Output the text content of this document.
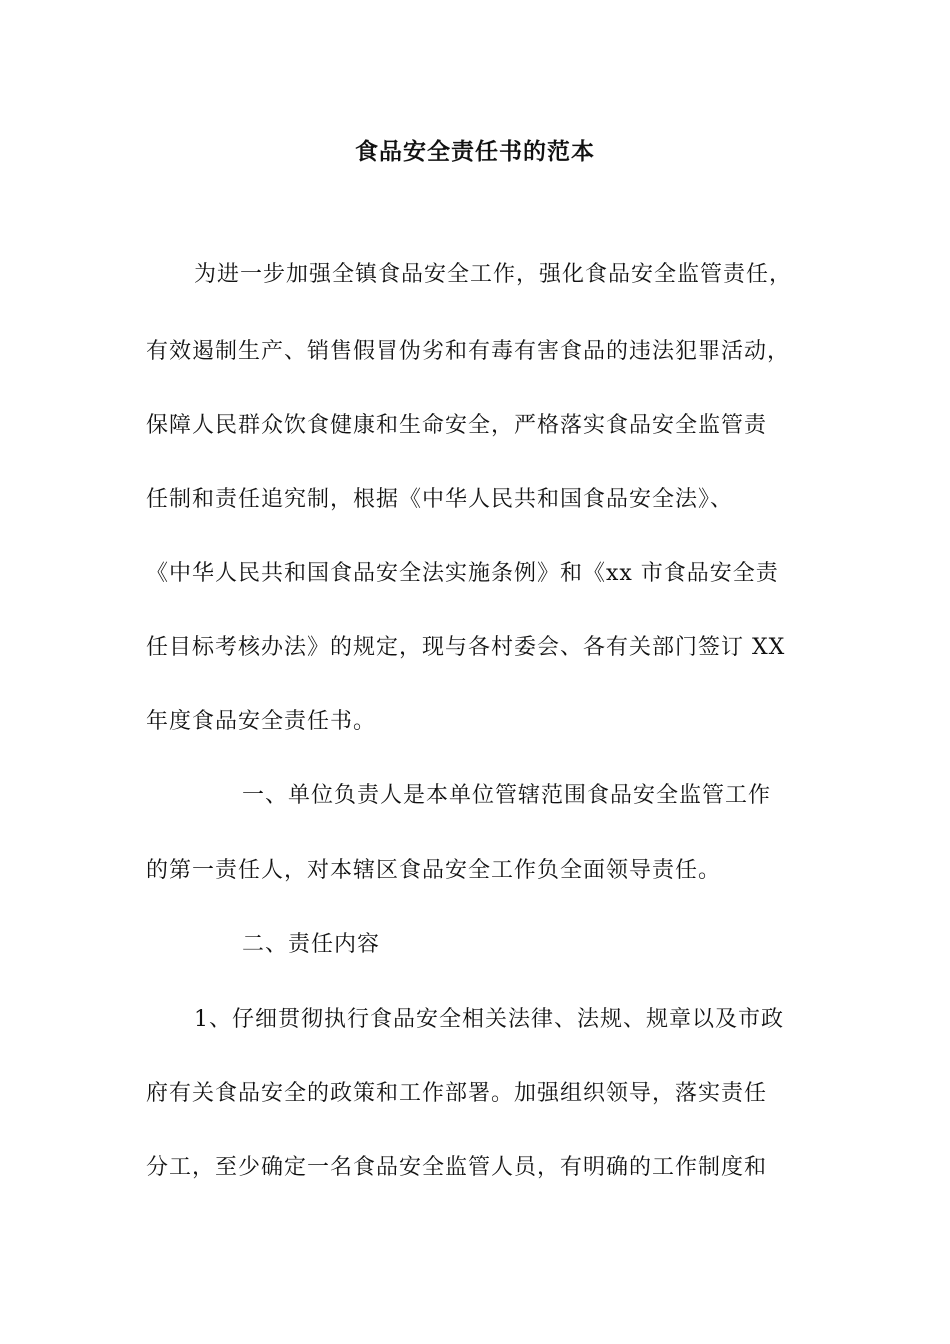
食品安全责任书的范本
为进一步加强全镇食品安全工作，强化食品安全监管责任，
有效遏制生产、销售假冒伪劣和有毒有害食品的违法犯罪活动，
保障人民群众饮食健康和生命安全，严格落实食品安全监管责
任制和责任追究制，根据《中华人民共和国食品安全法》、
《中华人民共和国食品安全法实施条例》和《xx 市食品安全责
任目标考核办法》的规定，现与各村委会、各有关部门签订 XX
年度食品安全责任书。
一、单位负责人是本单位管辖范围食品安全监管工作
的第一责任人，对本辖区食品安全工作负全面领导责任。
二、责任内容
1、仔细贯彻执行食品安全相关法律、法规、规章以及市政
府有关食品安全的政策和工作部署。加强组织领导，落实责任
分工，至少确定一名食品安全监管人员，有明确的工作制度和
